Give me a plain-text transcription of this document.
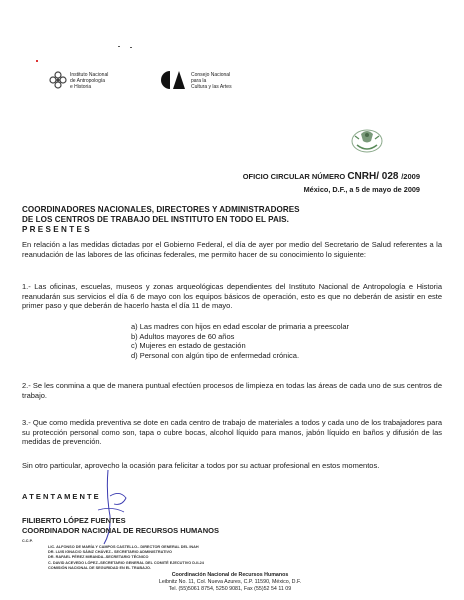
Instituto Nacional
de Antropología
e Historia
Consejo Nacional
para la
Cultura y las Artes
OFICIO CIRCULAR NÚMERO CNRH/ 028 /2009
México, D.F., a 5 de mayo de 2009
COORDINADORES NACIONALES, DIRECTORES Y ADMINISTRADORES
DE LOS CENTROS DE TRABAJO DEL INSTITUTO EN TODO EL PAIS.
P R E S E N T E S
En relación a las medidas dictadas por el Gobierno Federal, el día de ayer por medio del Secretario de Salud referentes a la reanudación de las labores de las oficinas federales, me permito hacer de su conocimiento lo siguiente:
1.- Las oficinas, escuelas, museos y zonas arqueológicas dependientes del Instituto Nacional de Antropología e Historia reanudarán sus servicios el día 6 de mayo con los equipos básicos de operación, esto es que no deberán de asistir en este primer paso y que deberán de hacerlo hasta el día 11 de mayo.
a) Las madres con hijos en edad escolar de primaria a preescolar
b) Adultos mayores de 60 años
c) Mujeres en estado de gestación
d) Personal con algún tipo de enfermedad crónica.
2.- Se les conmina a que de manera puntual efectúen procesos de limpieza en todas las áreas de cada uno de sus centros de trabajo.
3.- Que como medida preventiva se dote en cada centro de trabajo de materiales a todos y cada uno de los trabajadores para su protección personal como son, tapa o cubre bocas, alcohol líquido para manos, jabón líquido en baños y difusión de las medidas de prevención.
Sin otro particular, aprovecho la ocasión para felicitar a todos por su actuar profesional en estos momentos.
A T E N T A M E N T E
FILIBERTO LÓPEZ FUENTES
COORDINADOR NACIONAL DE RECURSOS HUMANOS
C.C.P.
LIC. ALFONSO DE MARÍA Y CAMPOS CASTELLO.- DIRECTOR GENERAL DEL INAH
DR. LUIS IGNACIO SÁINZ CHÁVEZ.- SECRETARIO ADMINISTRATIVO
DR. RAFAEL PÉREZ MIRANDA.-SECRETARIO TÉCNICO
C. DAVID ACEVEDO LÓPEZ.-SECRETARIO GENERAL DEL COMITÉ EJECUTIVO D-II-24
COMISIÓN NACIONAL DE SEGURIDAD EN EL TRABAJO.
Coordinación Nacional de Recursos Humanos
Leibnitz No. 11, Col. Nueva Azures, C.P. 11590, México, D.F.
Tel. (55)5061 8754, 5250 9081, Fax (55)52 54 11 09
